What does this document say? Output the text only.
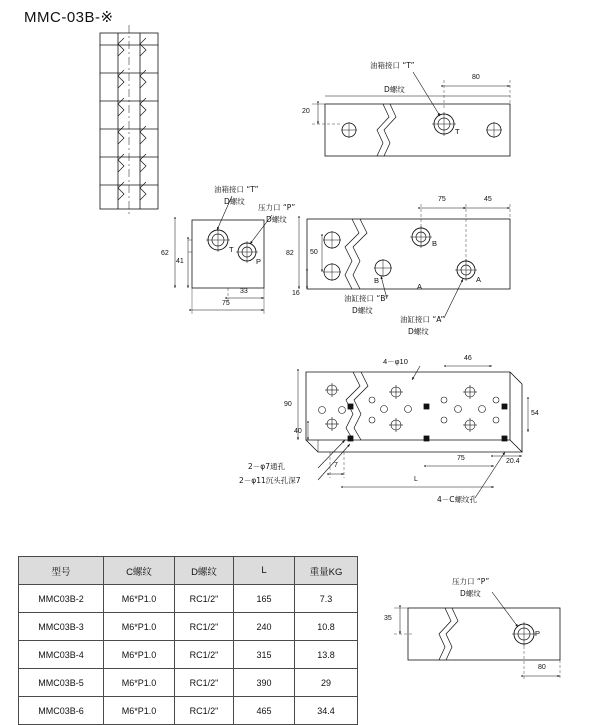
MMC-03B-※
油箱接口 “T”
D螺纹
油箱接口 “T”
D螺纹
压力口 “P”
D螺纹
油缸接口 “B”
D螺纹
油缸接口 “A”
D螺纹
4－φ10
2－φ7通孔
2－φ11沉头孔深7
4－C螺纹孔
压力口 “P”
D螺纹
T
T
P
B
B	A
A
P
80
20
75	45
82 50
16
62
41
33
75
46
90
54
40
7
75	20.4
L
35
80
型号	C螺纹	D螺纹	L	重量KG
MMC03B-2	M6*P1.0	RC1/2"	165	7.3
MMC03B-3	M6*P1.0	RC1/2"	240	10.8
MMC03B-4	M6*P1.0	RC1/2"	315	13.8
MMC03B-5	M6*P1.0	RC1/2"	390	29
MMC03B-6	M6*P1.0	RC1/2"	465	34.4
